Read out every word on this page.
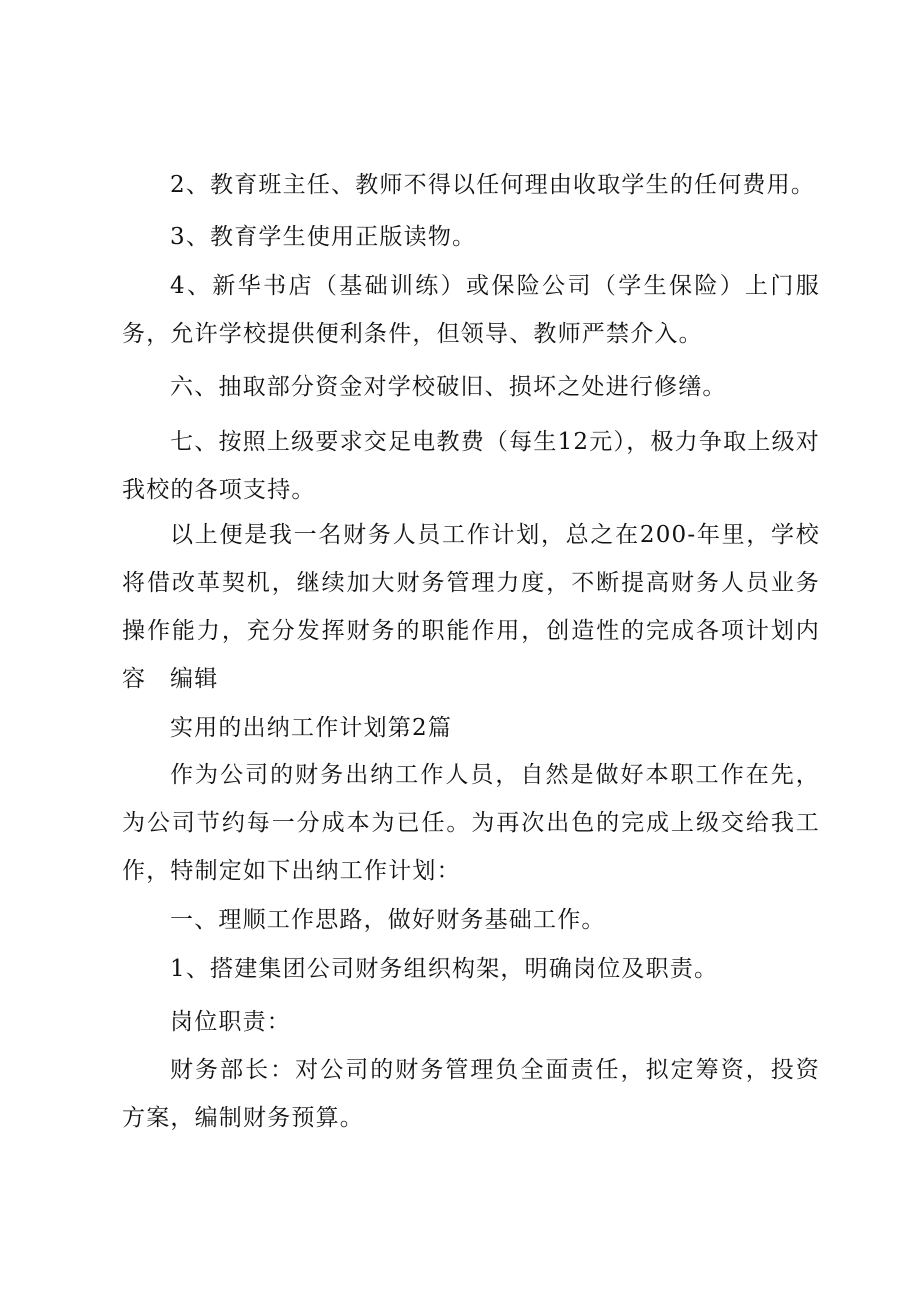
2、教育班主任、教师不得以任何理由收取学生的任何费用。

3、教育学生使用正版读物。

4、新华书店（基础训练）或保险公司（学生保险）上门服务，允许学校提供便利条件，但领导、教师严禁介入。

六、抽取部分资金对学校破旧、损坏之处进行修缮。

七、按照上级要求交足电教费（每生12元），极力争取上级对我校的各项支持。

以上便是我一名财务人员工作计划，总之在200-年里，学校将借改革契机，继续加大财务管理力度，不断提高财务人员业务操作能力，充分发挥财务的职能作用，创造性的完成各项计划内容	编辑

实用的出纳工作计划第2篇

作为公司的财务出纳工作人员，自然是做好本职工作在先，为公司节约每一分成本为已任。为再次出色的完成上级交给我工作，特制定如下出纳工作计划：

一、理顺工作思路，做好财务基础工作。

1、搭建集团公司财务组织构架，明确岗位及职责。

岗位职责：

财务部长：对公司的财务管理负全面责任，拟定筹资，投资方案，编制财务预算。
